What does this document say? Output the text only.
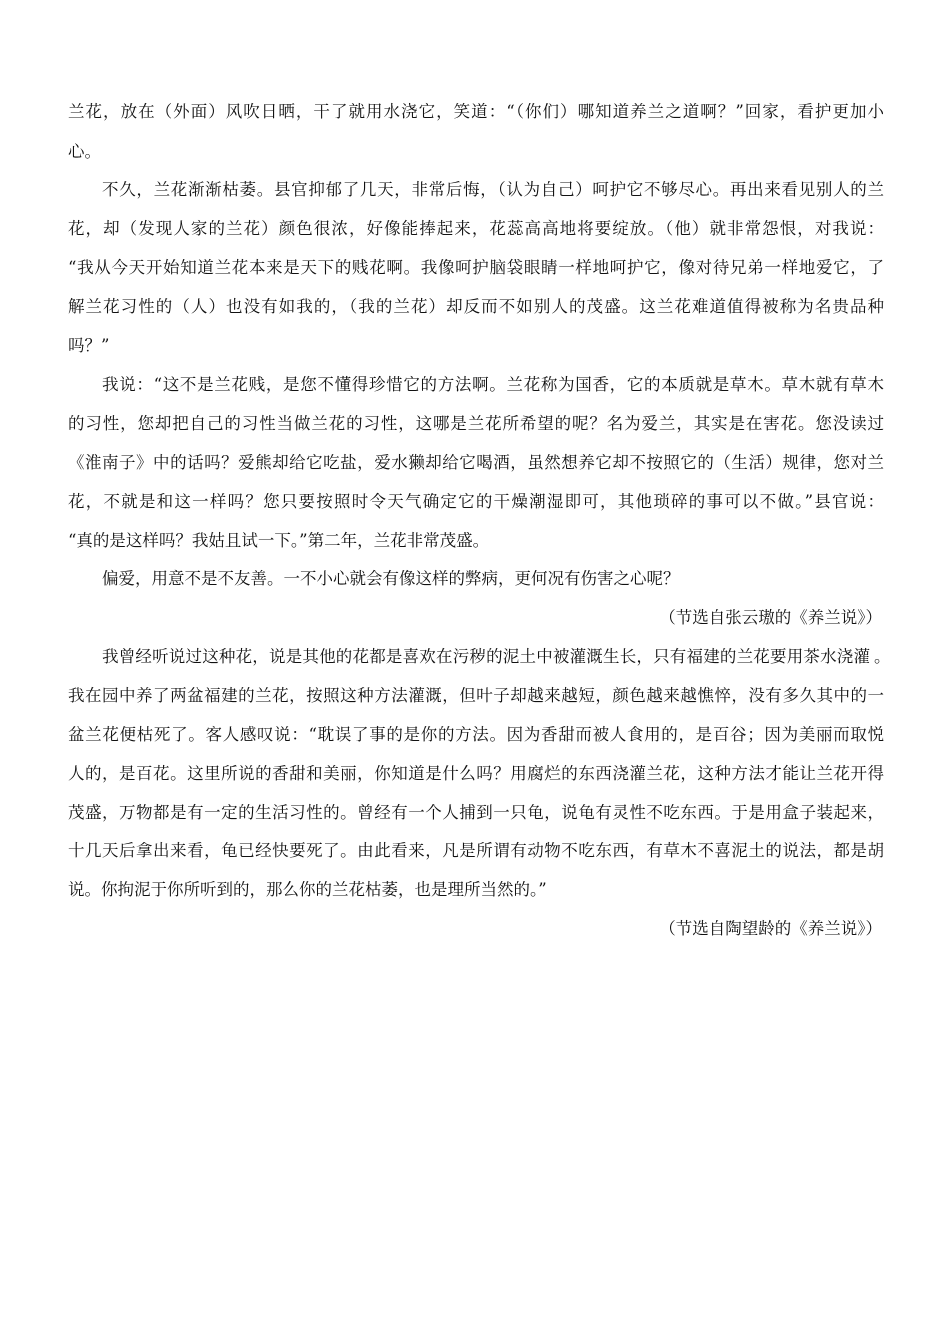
兰花，放在（外面）风吹日晒，干了就用水浇它，笑道：“（你们）哪知道养兰之道啊？”回家，看护更加小
心。
不久，兰花渐渐枯萎。县官抑郁了几天，非常后悔，（认为自己）呵护它不够尽心。再出来看见别人的兰
花，却（发现人家的兰花）颜色很浓，好像能捧起来，花蕊高高地将要绽放。（他）就非常怨恨，对我说：
“我从今天开始知道兰花本来是天下的贱花啊。我像呵护脑袋眼睛一样地呵护它，像对待兄弟一样地爱它，了
解兰花习性的（人）也没有如我的，（我的兰花）却反而不如别人的茂盛。这兰花难道值得被称为名贵品种
吗？”
我说：“这不是兰花贱，是您不懂得珍惜它的方法啊。兰花称为国香，它的本质就是草木。草木就有草木
的习性，您却把自己的习性当做兰花的习性，这哪是兰花所希望的呢？名为爱兰，其实是在害花。您没读过
《淮南子》中的话吗？爱熊却给它吃盐，爱水獭却给它喝酒，虽然想养它却不按照它的（生活）规律，您对兰
花，不就是和这一样吗？您只要按照时令天气确定它的干燥潮湿即可，其他琐碎的事可以不做。”县官说：
“真的是这样吗？我姑且试一下。”第二年，兰花非常茂盛。
偏爱，用意不是不友善。一不小心就会有像这样的弊病，更何况有伤害之心呢？
（节选自张云璈的《养兰说》）
我曾经听说过这种花，说是其他的花都是喜欢在污秽的泥土中被灌溉生长，只有福建的兰花要用茶水浇灌 。
我在园中养了两盆福建的兰花，按照这种方法灌溉，但叶子却越来越短，颜色越来越憔悴，没有多久其中的一
盆兰花便枯死了。客人感叹说：“耽误了事的是你的方法。因为香甜而被人食用的，是百谷；因为美丽而取悦
人的，是百花。这里所说的香甜和美丽，你知道是什么吗？用腐烂的东西浇灌兰花，这种方法才能让兰花开得
茂盛，万物都是有一定的生活习性的。曾经有一个人捕到一只龟，说龟有灵性不吃东西。于是用盒子装起来，
十几天后拿出来看，龟已经快要死了。由此看来，凡是所谓有动物不吃东西，有草木不喜泥土的说法，都是胡
说。你拘泥于你所听到的，那么你的兰花枯萎，也是理所当然的。”
（节选自陶望龄的《养兰说》）
